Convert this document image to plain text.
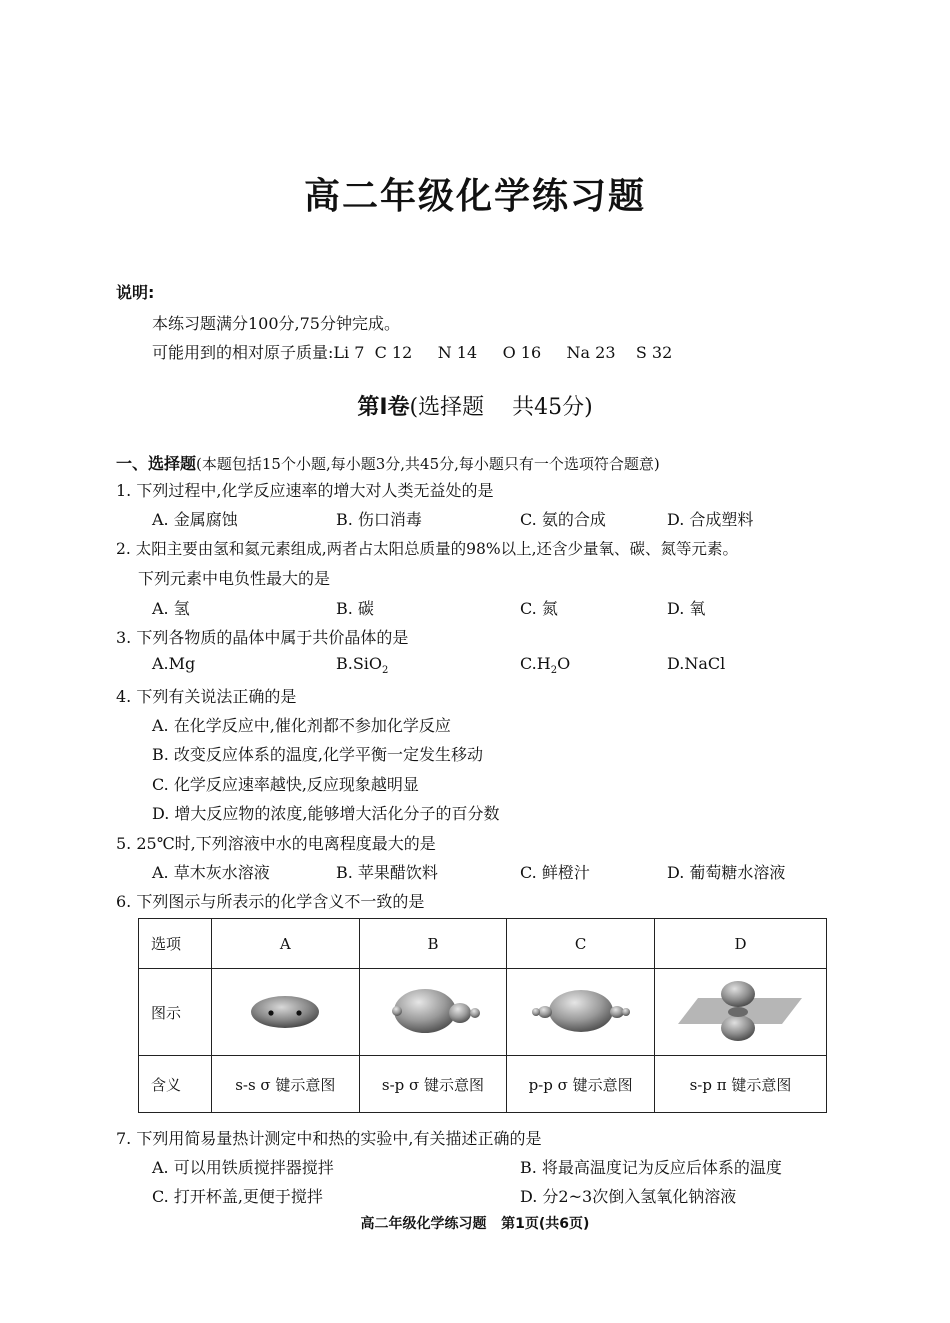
高二年级化学练习题
说明:
本练习题满分100分,75分钟完成。
可能用到的相对原子质量:Li 7  C 12     N 14     O 16     Na 23    S 32
第Ⅰ卷(选择题    共45分)
一、选择题(本题包括15个小题,每小题3分,共45分,每小题只有一个选项符合题意)
1. 下列过程中,化学反应速率的增大对人类无益处的是
A. 金属腐蚀	B. 伤口消毒	C. 氨的合成	D. 合成塑料
2. 太阳主要由氢和氦元素组成,两者占太阳总质量的98%以上,还含少量氧、碳、氮等元素。
下列元素中电负性最大的是
A. 氢	B. 碳	C. 氮	D. 氧
3. 下列各物质的晶体中属于共价晶体的是
A.Mg	B.SiO$_2$	$C.H_2O$	D.NaCl
4. 下列有关说法正确的是
A. 在化学反应中,催化剂都不参加化学反应
B. 改变反应体系的温度,化学平衡一定发生移动
C. 化学反应速率越快,反应现象越明显
D. 增大反应物的浓度,能够增大活化分子的百分数
5. 25℃时,下列溶液中水的电离程度最大的是
A. 草木灰水溶液	B. 苹果醋饮料	C. 鲜橙汁	D. 葡萄糖水溶液
6. 下列图示与所表示的化学含义不一致的是
选项	A	B	C	D
图示				
含义	s-s σ 键示意图	s-p σ 键示意图	p-p σ 键示意图	s-p π 键示意图
7. 下列用简易量热计测定中和热的实验中,有关描述正确的是
A. 可以用铁质搅拌器搅拌	B. 将最高温度记为反应后体系的温度
C. 打开杯盖,更便于搅拌	D. 分2~3次倒入氢氧化钠溶液
高二年级化学练习题   第1页(共6页)
